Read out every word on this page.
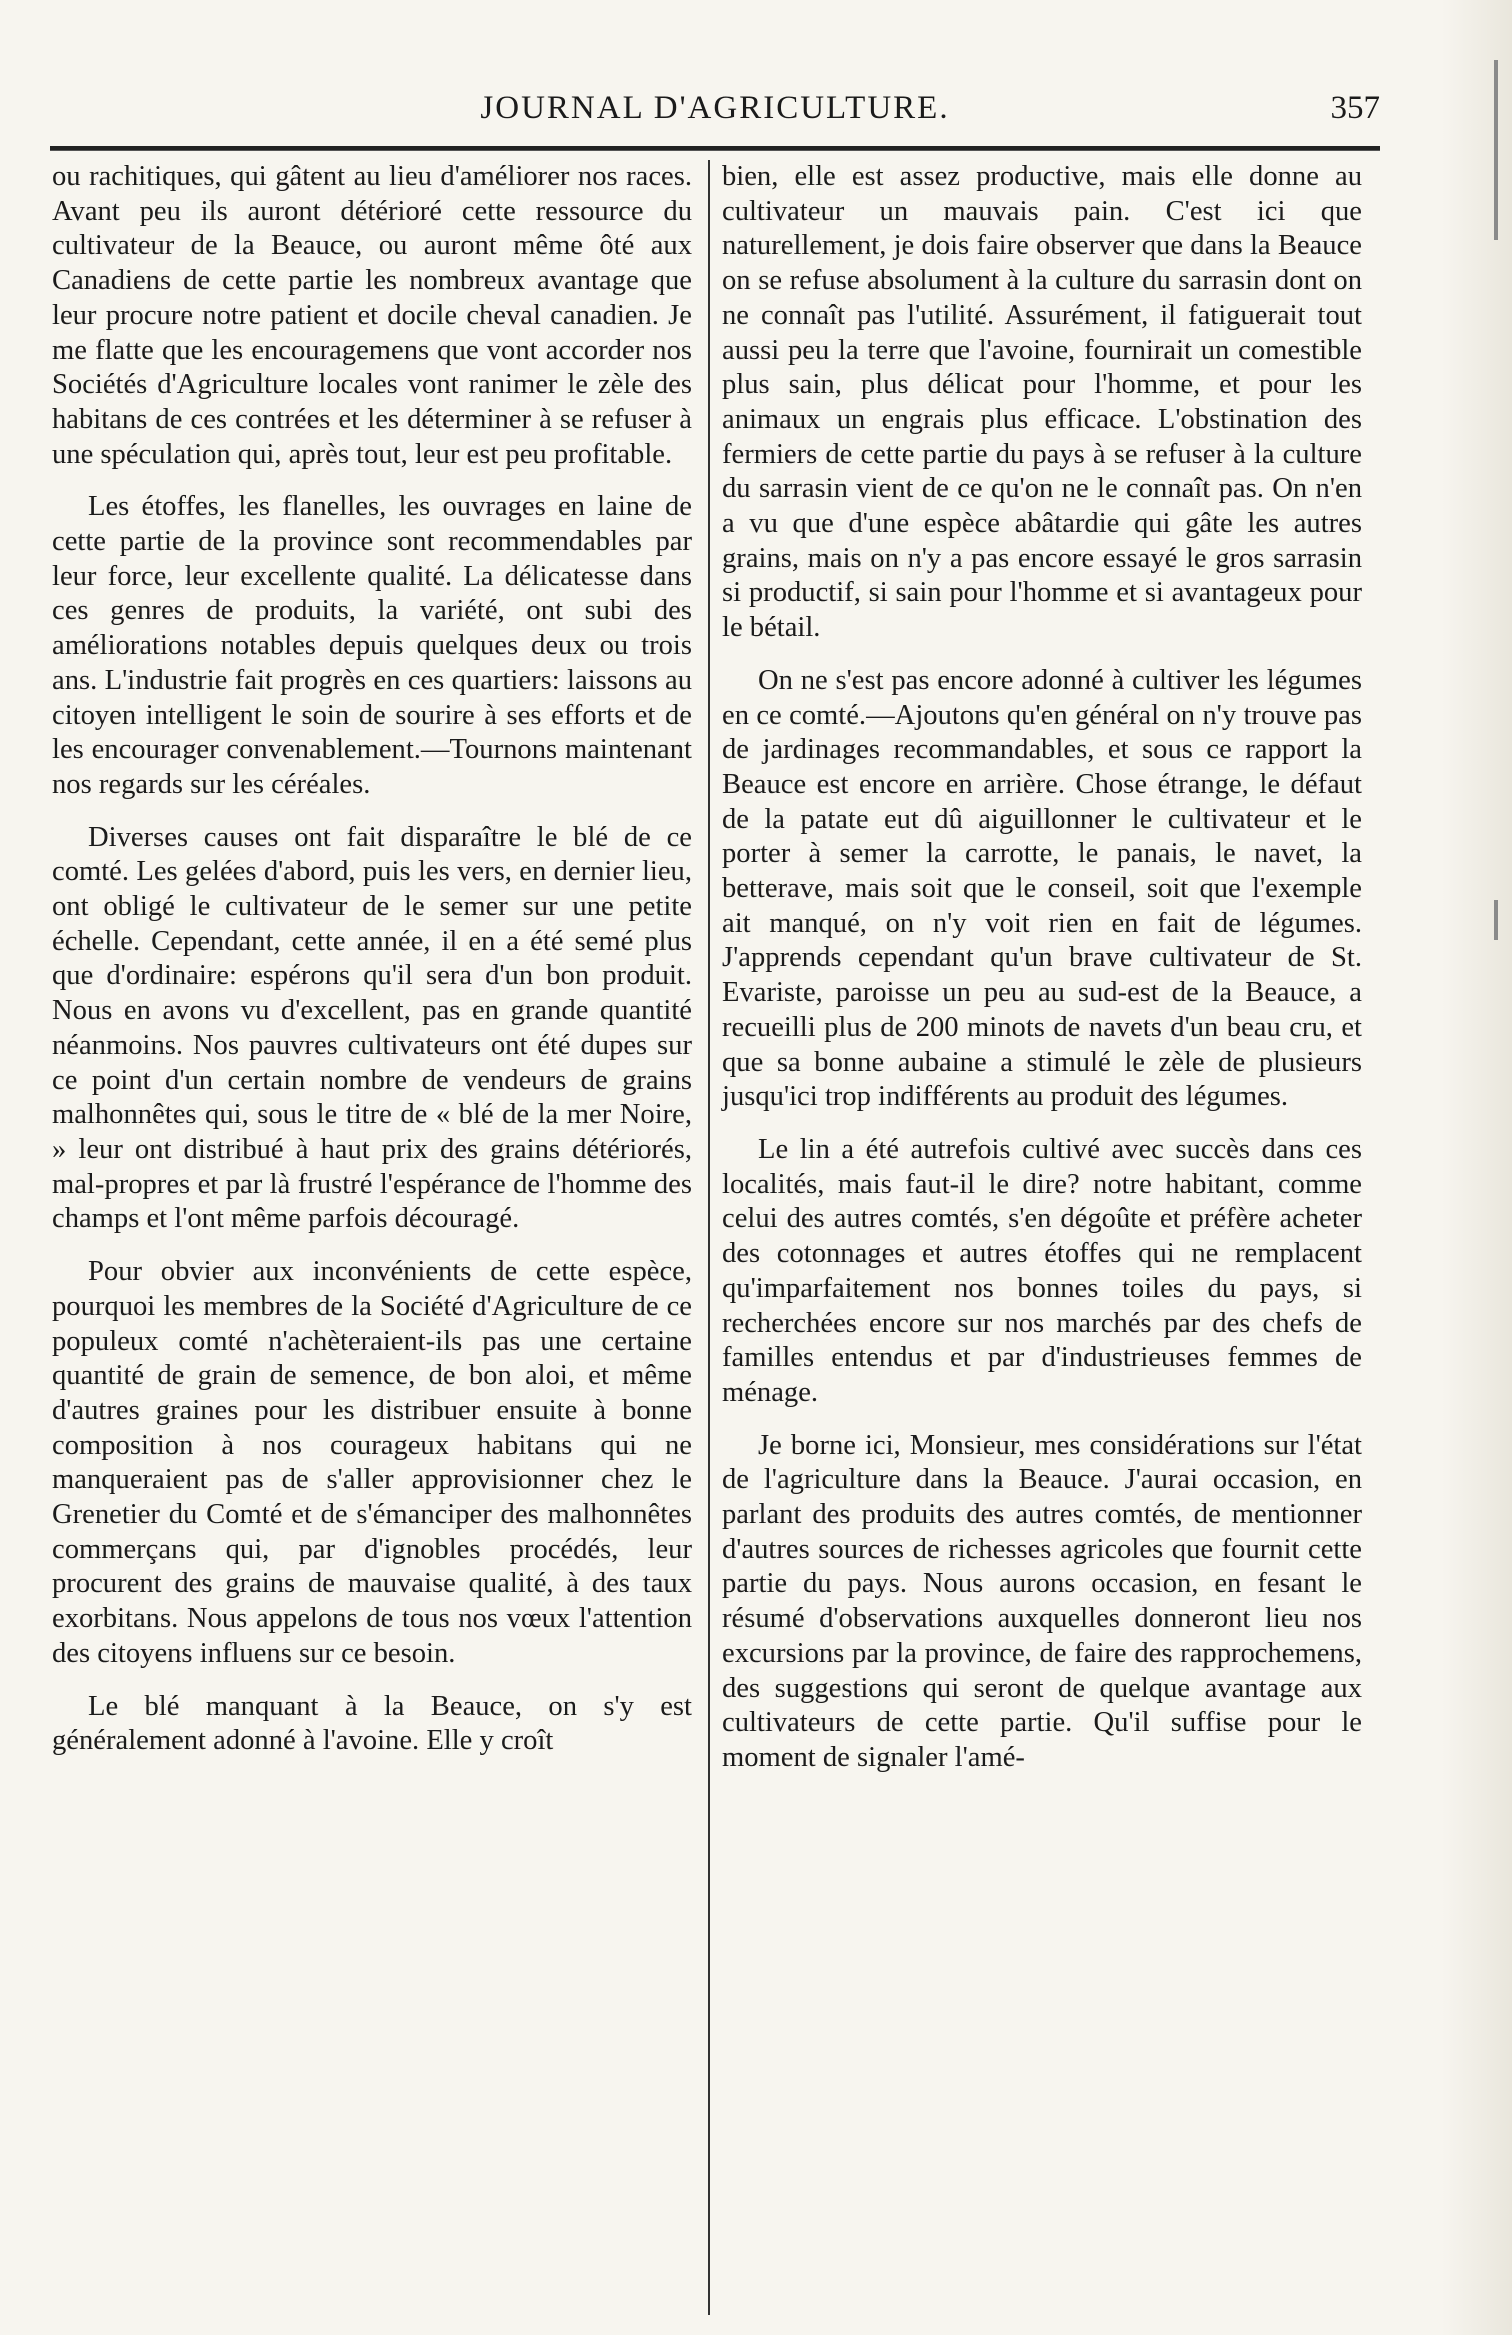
JOURNAL D'AGRICULTURE.	357

ou rachitiques, qui gâtent au lieu d'améliorer nos races. Avant peu ils auront détérioré cette ressource du cultivateur de la Beauce, ou auront même ôté aux Canadiens de cette partie les nombreux avantage que leur procure notre patient et docile cheval canadien. Je me flatte que les encouragemens que vont accorder nos Sociétés d'Agriculture locales vont ranimer le zèle des habitans de ces contrées et les déterminer à se refuser à une spéculation qui, après tout, leur est peu profitable.

Les étoffes, les flanelles, les ouvrages en laine de cette partie de la province sont recommendables par leur force, leur excellente qualité. La délicatesse dans ces genres de produits, la variété, ont subi des améliorations notables depuis quelques deux ou trois ans. L'industrie fait progrès en ces quartiers: laissons au citoyen intelligent le soin de sourire à ses efforts et de les encourager convenablement.—Tournons maintenant nos regards sur les céréales.

Diverses causes ont fait disparaître le blé de ce comté. Les gelées d'abord, puis les vers, en dernier lieu, ont obligé le cultivateur de le semer sur une petite échelle. Cependant, cette année, il en a été semé plus que d'ordinaire: espérons qu'il sera d'un bon produit. Nous en avons vu d'excellent, pas en grande quantité néanmoins. Nos pauvres cultivateurs ont été dupes sur ce point d'un certain nombre de vendeurs de grains malhonnêtes qui, sous le titre de « blé de la mer Noire, » leur ont distribué à haut prix des grains détériorés, mal-propres et par là frustré l'espérance de l'homme des champs et l'ont même parfois découragé.

Pour obvier aux inconvénients de cette espèce, pourquoi les membres de la Société d'Agriculture de ce populeux comté n'achèteraient-ils pas une certaine quantité de grain de semence, de bon aloi, et même d'autres graines pour les distribuer ensuite à bonne composition à nos courageux habitans qui ne manqueraient pas de s'aller approvisionner chez le Grenetier du Comté et de s'émanciper des malhonnêtes commerçans qui, par d'ignobles procédés, leur procurent des grains de mauvaise qualité, à des taux exorbitans. Nous appelons de tous nos vœux l'attention des citoyens influens sur ce besoin.

Le blé manquant à la Beauce, on s'y est généralement adonné à l'avoine. Elle y croît

bien, elle est assez productive, mais elle donne au cultivateur un mauvais pain. C'est ici que naturellement, je dois faire observer que dans la Beauce on se refuse absolument à la culture du sarrasin dont on ne connaît pas l'utilité. Assurément, il fatiguerait tout aussi peu la terre que l'avoine, fournirait un comestible plus sain, plus délicat pour l'homme, et pour les animaux un engrais plus efficace. L'obstination des fermiers de cette partie du pays à se refuser à la culture du sarrasin vient de ce qu'on ne le connaît pas. On n'en a vu que d'une espèce abâtardie qui gâte les autres grains, mais on n'y a pas encore essayé le gros sarrasin si productif, si sain pour l'homme et si avantageux pour le bétail.

On ne s'est pas encore adonné à cultiver les légumes en ce comté.—Ajoutons qu'en général on n'y trouve pas de jardinages recommandables, et sous ce rapport la Beauce est encore en arrière. Chose étrange, le défaut de la patate eut dû aiguillonner le cultivateur et le porter à semer la carrotte, le panais, le navet, la betterave, mais soit que le conseil, soit que l'exemple ait manqué, on n'y voit rien en fait de légumes. J'apprends cependant qu'un brave cultivateur de St. Evariste, paroisse un peu au sud-est de la Beauce, a recueilli plus de 200 minots de navets d'un beau cru, et que sa bonne aubaine a stimulé le zèle de plusieurs jusqu'ici trop indifférents au produit des légumes.

Le lin a été autrefois cultivé avec succès dans ces localités, mais faut-il le dire? notre habitant, comme celui des autres comtés, s'en dégoûte et préfère acheter des cotonnages et autres étoffes qui ne remplacent qu'imparfaitement nos bonnes toiles du pays, si recherchées encore sur nos marchés par des chefs de familles entendus et par d'industrieuses femmes de ménage.

Je borne ici, Monsieur, mes considérations sur l'état de l'agriculture dans la Beauce. J'aurai occasion, en parlant des produits des autres comtés, de mentionner d'autres sources de richesses agricoles que fournit cette partie du pays. Nous aurons occasion, en fesant le résumé d'observations auxquelles donneront lieu nos excursions par la province, de faire des rapprochemens, des suggestions qui seront de quelque avantage aux cultivateurs de cette partie. Qu'il suffise pour le moment de signaler l'amé-
